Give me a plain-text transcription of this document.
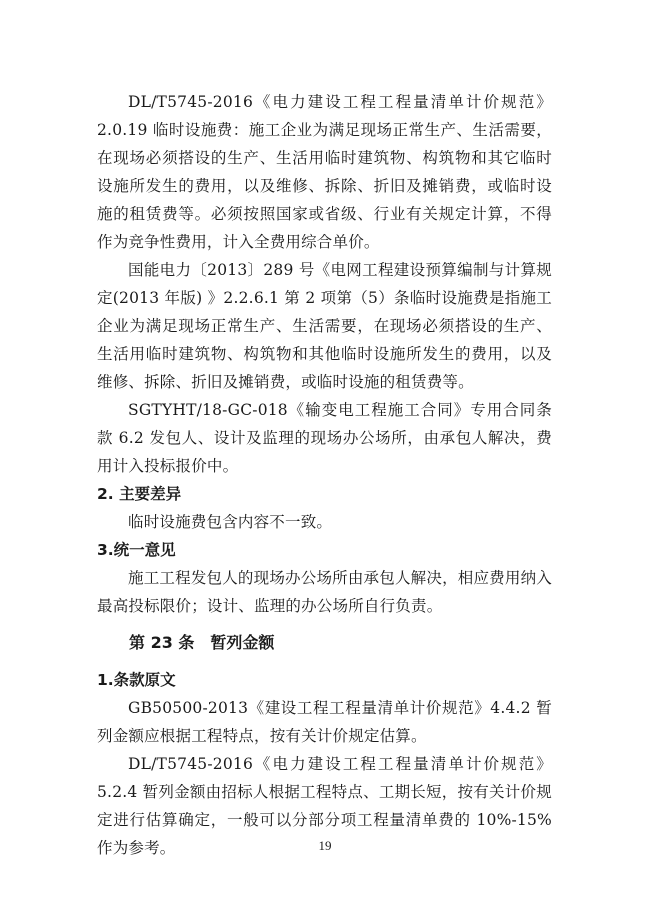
DL/T5745-2016《电力建设工程工程量清单计价规范》2.0.19 临时设施费：施工企业为满足现场正常生产、生活需要，在现场必须搭设的生产、生活用临时建筑物、构筑物和其它临时设施所发生的费用，以及维修、拆除、折旧及摊销费，或临时设施的租赁费等。必须按照国家或省级、行业有关规定计算，不得作为竞争性费用，计入全费用综合单价。

国能电力〔2013〕289 号《电网工程建设预算编制与计算规定(2013 年版) 》2.2.6.1 第 2 项第（5）条临时设施费是指施工企业为满足现场正常生产、生活需要，在现场必须搭设的生产、生活用临时建筑物、构筑物和其他临时设施所发生的费用，以及维修、拆除、折旧及摊销费，或临时设施的租赁费等。

SGTYHT/18-GC-018《输变电工程施工合同》专用合同条款 6.2 发包人、设计及监理的现场办公场所，由承包人解决，费用计入投标报价中。

2. 主要差异

临时设施费包含内容不一致。

3.统一意见

施工工程发包人的现场办公场所由承包人解决，相应费用纳入最高投标限价；设计、监理的办公场所自行负责。

第 23 条 暂列金额

1.条款原文

GB50500-2013《建设工程工程量清单计价规范》4.4.2 暂列金额应根据工程特点，按有关计价规定估算。

DL/T5745-2016《电力建设工程工程量清单计价规范》5.2.4 暂列金额由招标人根据工程特点、工期长短，按有关计价规定进行估算确定，一般可以分部分项工程量清单费的 10%-15%作为参考。	19
